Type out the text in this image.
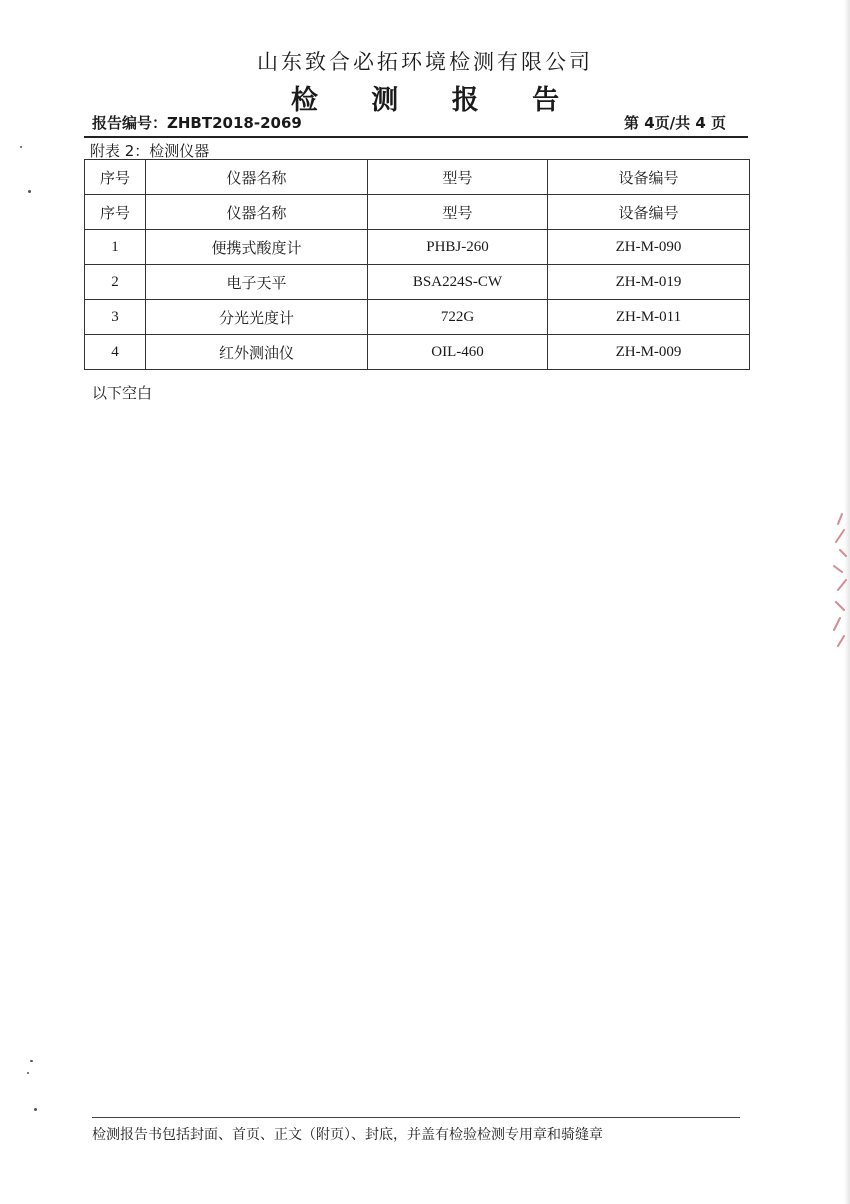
山东致合必拓环境检测有限公司
检 测 报 告
报告编号：ZHBT2018-2069	第 4页/共 4 页
附表 2：检测仪器
序号	仪器名称	型号	设备编号
序号	仪器名称	型号	设备编号
1	便携式酸度计	PHBJ-260	ZH-M-090
2	电子天平	BSA224S-CW	ZH-M-019
3	分光光度计	722G	ZH-M-011
4	红外测油仪	OIL-460	ZH-M-009
以下空白
检测报告书包括封面、首页、正文（附页）、封底，并盖有检验检测专用章和骑缝章
